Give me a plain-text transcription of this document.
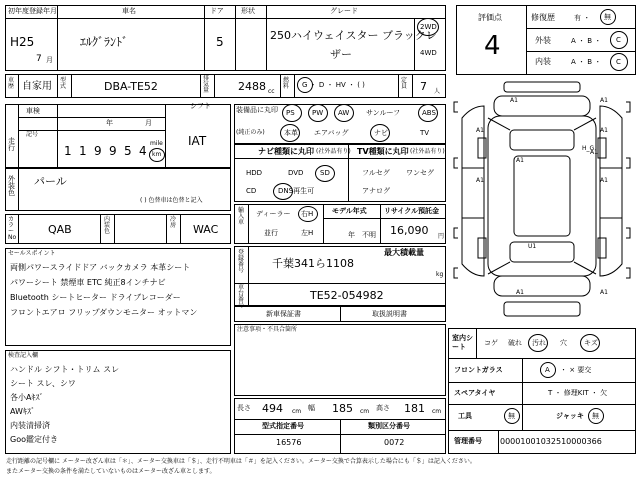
初年度登録年月	車名	ドア 形状	グレード
H25
7 月
ｴﾙｸﾞﾗﾝﾄﾞ	5	250ハイウェイスター ブラックレ
ザー
2WD
4WD
車歴 自家用
型式	DBA-TE52
排気量	2488 cc
燃料 G ・ D ・ HV ・ ( )
定員 7 人
評価点
4
修復歴	有 ・ 無
外装	A ・ B ・ C
内装	A ・ B ・ C
車検
年	月
シフト
IAT
走行
記号
1 1 9 9 5 4
mile
km
装備品に丸印
(純正のみ)
PS PW AW サンルーフ	ABS
本革 エアバッグ	ナビ	TV
ナビ種類に丸印 (社外品有り) TV種類に丸印 (社外品有り)
HDD	DVD SD
CD	DNS再生可
フルセグ ワンセグ
アナログ
外装色
パール
( ) 色替車は色替と記入
カラーNo
QAB
内装色
冷房 WAC
輸入車
ディーラー 右H
並行	左H
モデル年式
年 不明
リサイクル預託金
16,090 円
セールスポイント
両側パワースライドドア バックカメラ 本革シート
パワーシート 禁煙車 ETC 純正8インチナビ
Bluetooth シートヒーター ドライブレコーダー
フロントエアロ フリップダウンモニター オットマン
最大積載量
kg
登録番号
千葉341ら1108
車台番号
TE52-054982
新車保証書	取扱説明書
注意事項・不具合箇所
検査記入欄
ハンドル シフト・トリム スレ
シート スレ、シワ
各小Aｷｽﾞ
AWｷｽﾞ
内装清掃済
Goo鑑定付き
長さ 494 cm 幅 185 cm 高さ 181 cm
型式指定番号	類別区分番号
16576	0072
A1	A1
A1	A1
A1
A1
A1	A1
H_G
U1
A1	A1
室内シート
コゲ 破れ 汚れ 穴 キズ
フロントガラス	A ・ × 要交
スペアタイヤ	T ・ 修理KIT ・ 欠
工具	無	ジャッキ 無
管理番号 00001001032510000366
走行距離の記号欄に メーター改ざん車は「＊」、メーター交換車は「＄」、走行不明車は「＃」を記入ください。メーター交換で合算表示した場合にも「＄」は記入ください。
またメーター交換の条件を満たしていないものはメーター改ざん車とします。
